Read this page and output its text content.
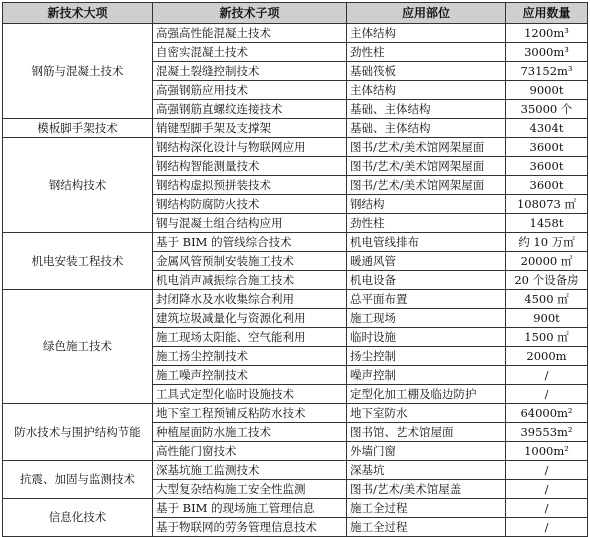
新技术大项	新技术子项	应用部位	应用数量
钢筋与混凝土技术	高强高性能混凝土技术	主体结构	1200m³
	自密实混凝土技术	劲性柱	3000m³
	混凝土裂缝控制技术	基础筏板	73152m³
	高强钢筋应用技术	主体结构	9000t
	高强钢筋直螺纹连接技术	基础、主体结构	35000 个
模板脚手架技术	销键型脚手架及支撑架	基础、主体结构	4304t
钢结构技术	钢结构深化设计与物联网应用	图书/艺术/美术馆网架屋面	3600t
	钢结构智能测量技术	图书/艺术/美术馆网架屋面	3600t
	钢结构虚拟预拼装技术	图书/艺术/美术馆网架屋面	3600t
	钢结构防腐防火技术	钢结构	108073 ㎡
	钢与混凝土组合结构应用	劲性柱	1458t
机电安装工程技术	基于 BIM 的管线综合技术	机电管线排布	约 10 万㎡
	金属风管预制安装施工技术	暖通风管	20000 ㎡
	机电消声减振综合施工技术	机电设备	20 个设备房
绿色施工技术	封闭降水及水收集综合利用	总平面布置	4500 ㎡
	建筑垃圾减量化与资源化利用	施工现场	900t
	施工现场太阳能、空气能利用	临时设施	1500 ㎡
	施工扬尘控制技术	扬尘控制	2000m
	施工噪声控制技术	噪声控制	/
	工具式定型化临时设施技术	定型化加工棚及临边防护	/
防水技术与围护结构节能	地下室工程预铺反粘防水技术	地下室防水	64000m²
	种植屋面防水施工技术	图书馆、艺术馆屋面	39553m²
	高性能门窗技术	外墙门窗	1000m²
抗震、加固与监测技术	深基坑施工监测技术	深基坑	/
	大型复杂结构施工安全性监测	图书/艺术/美术馆屋盖	/
信息化技术	基于 BIM 的现场施工管理信息	施工全过程	/
	基于物联网的劳务管理信息技术	施工全过程	/
